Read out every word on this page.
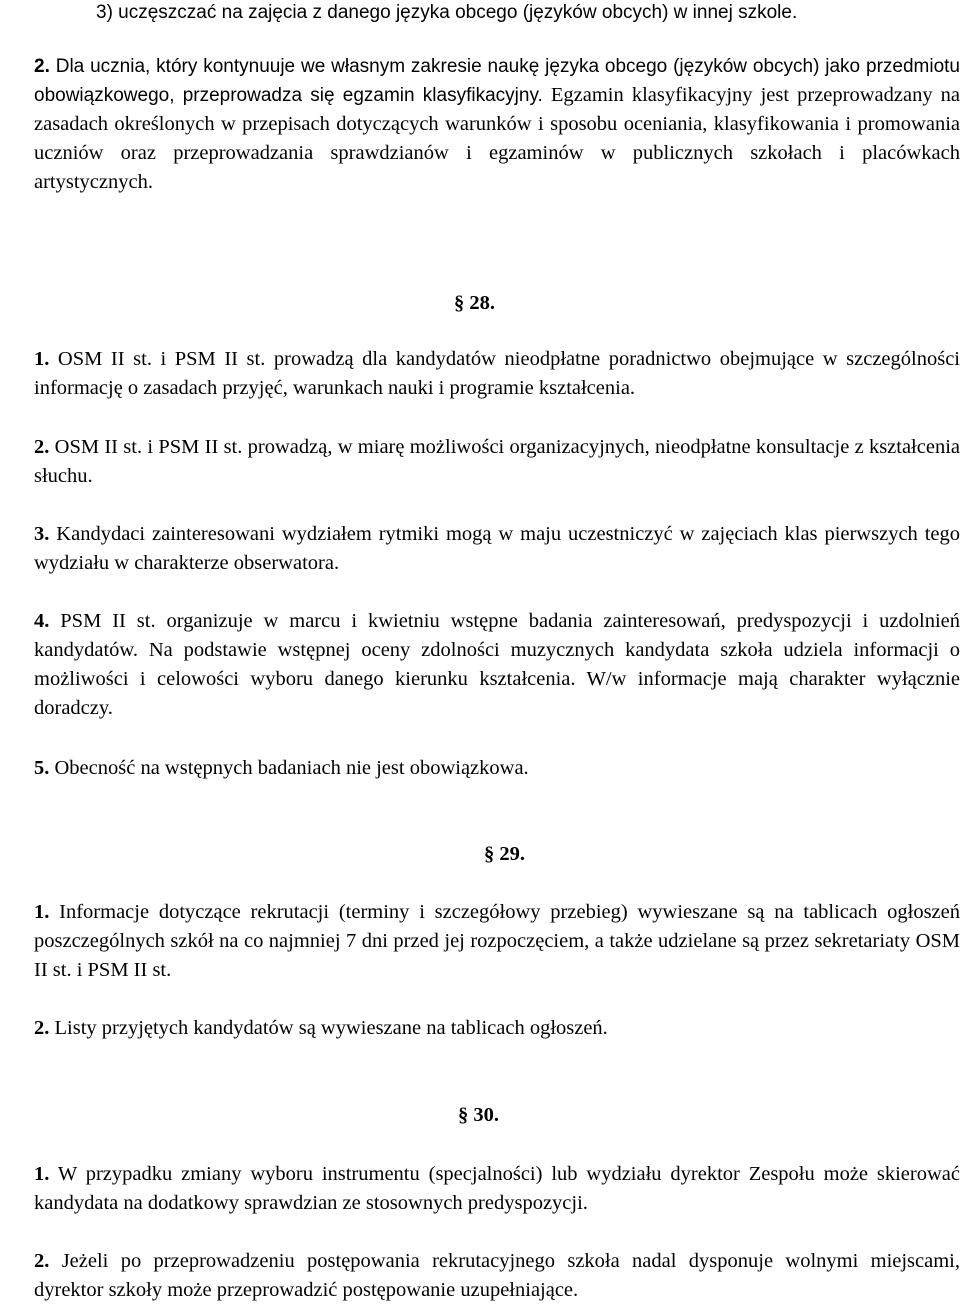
3) uczęszczać na zajęcia z danego języka obcego (języków obcych) w innej szkole.

2. Dla ucznia, który kontynuuje we własnym zakresie naukę języka obcego (języków obcych) jako przedmiotu obowiązkowego, przeprowadza się egzamin klasyfikacyjny. Egzamin klasyfikacyjny jest przeprowadzany na zasadach określonych w przepisach dotyczących warunków i sposobu oceniania, klasyfikowania i promowania uczniów oraz przeprowadzania sprawdzianów i egzaminów w publicznych szkołach i placówkach artystycznych.

§ 28.

1. OSM II st. i PSM II st. prowadzą dla kandydatów nieodpłatne poradnictwo obejmujące w szczególności informację o zasadach przyjęć, warunkach nauki i programie kształcenia.

2. OSM II st. i PSM II st. prowadzą, w miarę możliwości organizacyjnych, nieodpłatne konsultacje z kształcenia słuchu.

3. Kandydaci zainteresowani wydziałem rytmiki mogą w maju uczestniczyć w zajęciach klas pierwszych tego wydziału w charakterze obserwatora.

4. PSM II st. organizuje w marcu i kwietniu wstępne badania zainteresowań, predyspozycji i uzdolnień kandydatów. Na podstawie wstępnej oceny zdolności muzycznych kandydata szkoła udziela informacji o możliwości i celowości wyboru danego kierunku kształcenia. W/w informacje mają charakter wyłącznie doradczy.

5. Obecność na wstępnych badaniach nie jest obowiązkowa.

§ 29.

1. Informacje dotyczące rekrutacji (terminy i szczegółowy przebieg) wywieszane są na tablicach ogłoszeń poszczególnych szkół na co najmniej 7 dni przed jej rozpoczęciem, a także udzielane są przez sekretariaty OSM II st. i PSM II st.

2. Listy przyjętych kandydatów są wywieszane na tablicach ogłoszeń.

§ 30.

1. W przypadku zmiany wyboru instrumentu (specjalności) lub wydziału dyrektor Zespołu może skierować kandydata na dodatkowy sprawdzian ze stosownych predyspozycji.

2. Jeżeli po przeprowadzeniu postępowania rekrutacyjnego szkoła nadal dysponuje wolnymi miejscami, dyrektor szkoły może przeprowadzić postępowanie uzupełniające.
